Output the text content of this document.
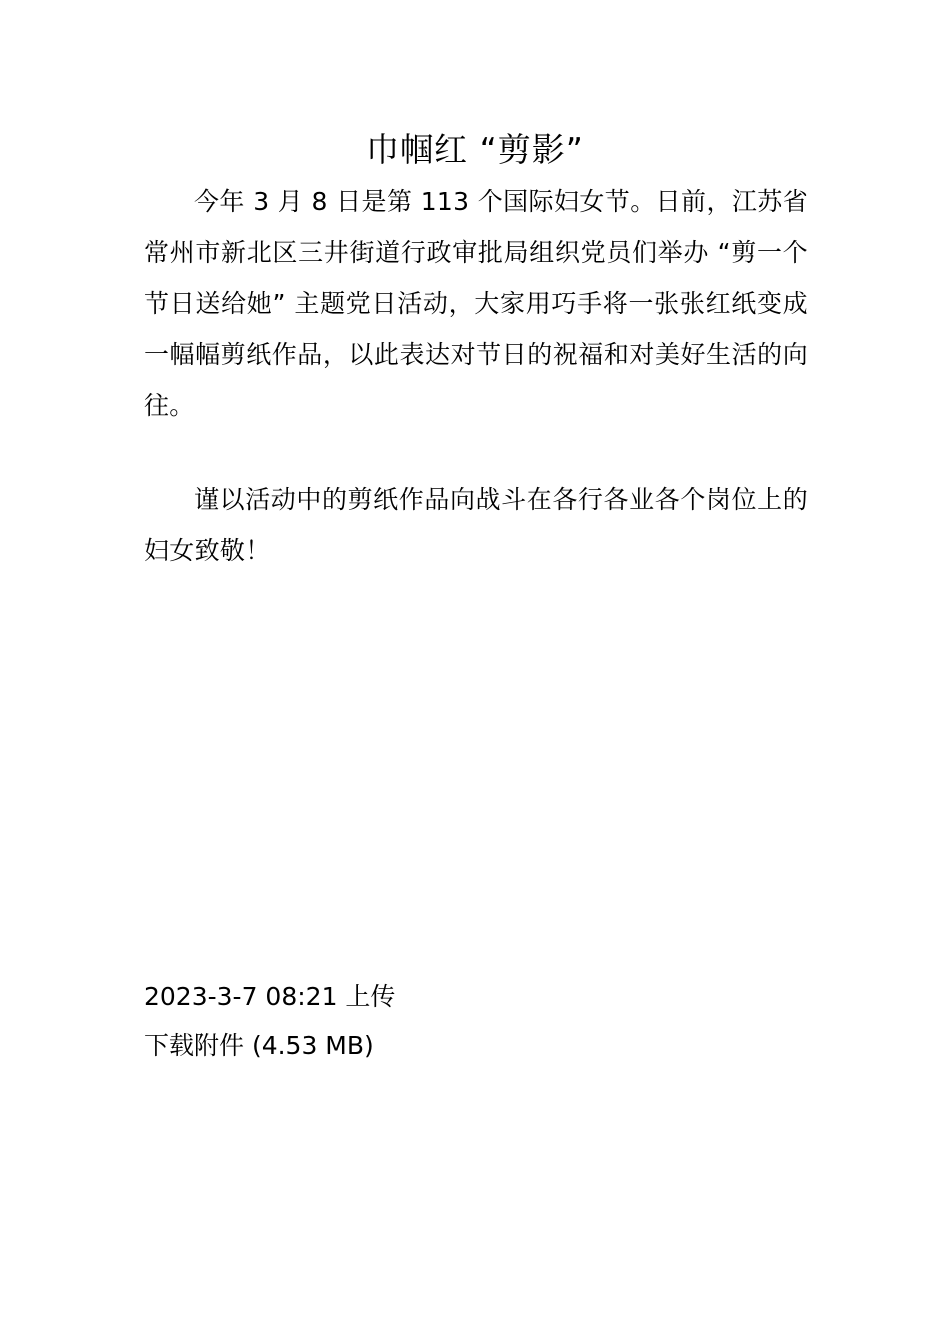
巾帼红 “剪影”

今年 3 月 8 日是第 113 个国际妇女节。日前，江苏省常州市新北区三井街道行政审批局组织党员们举办 “剪一个节日送给她” 主题党日活动，大家用巧手将一张张红纸变成一幅幅剪纸作品，以此表达对节日的祝福和对美好生活的向往。

谨以活动中的剪纸作品向战斗在各行各业各个岗位上的妇女致敬！

2023-3-7 08:21 上传
下载附件 (4.53 MB)
